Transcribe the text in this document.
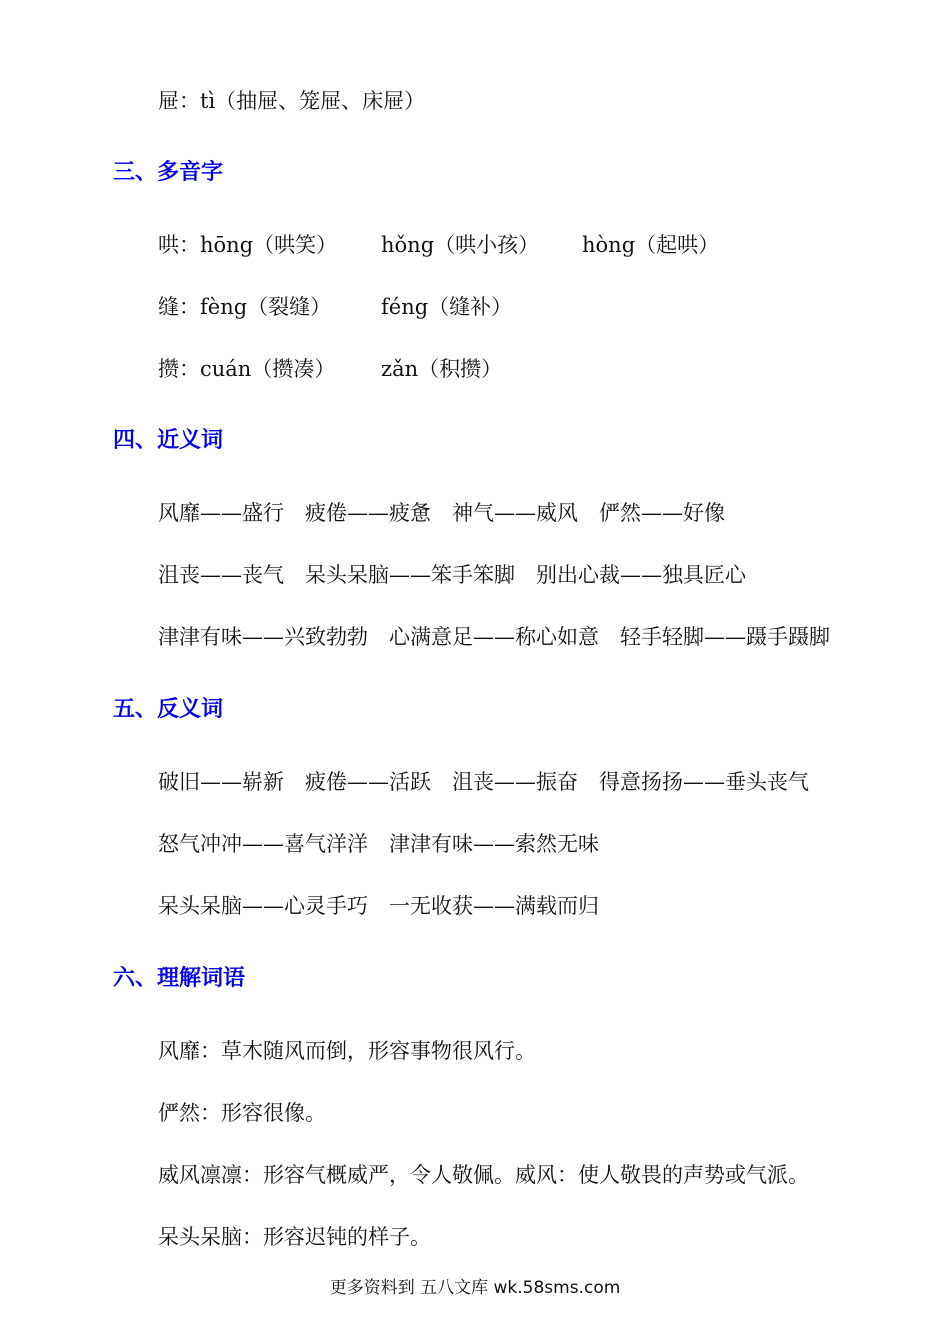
屉：tì（抽屉、笼屉、床屉）

三、多音字
哄：hōng（哄笑） hǒng（哄小孩） hòng（起哄）
缝：fèng（裂缝） féng（缝补）
攒：cuán（攒凑） zǎn（积攒）
四、近义词

风靡——盛行　疲倦——疲惫　神气——威风　俨然——好像

沮丧——丧气　呆头呆脑——笨手笨脚　别出心裁——独具匠心

津津有味——兴致勃勃　心满意足——称心如意　轻手轻脚——蹑手蹑脚

五、反义词

破旧——崭新　疲倦——活跃　沮丧——振奋　得意扬扬——垂头丧气

怒气冲冲——喜气洋洋　津津有味——索然无味

呆头呆脑——心灵手巧　一无收获——满载而归

六、理解词语

风靡：草木随风而倒，形容事物很风行。

俨然：形容很像。

威风凛凛：形容气概威严，令人敬佩。威风：使人敬畏的声势或气派。

呆头呆脑：形容迟钝的样子。

更多资料到 五八文库 wk.58sms.com
